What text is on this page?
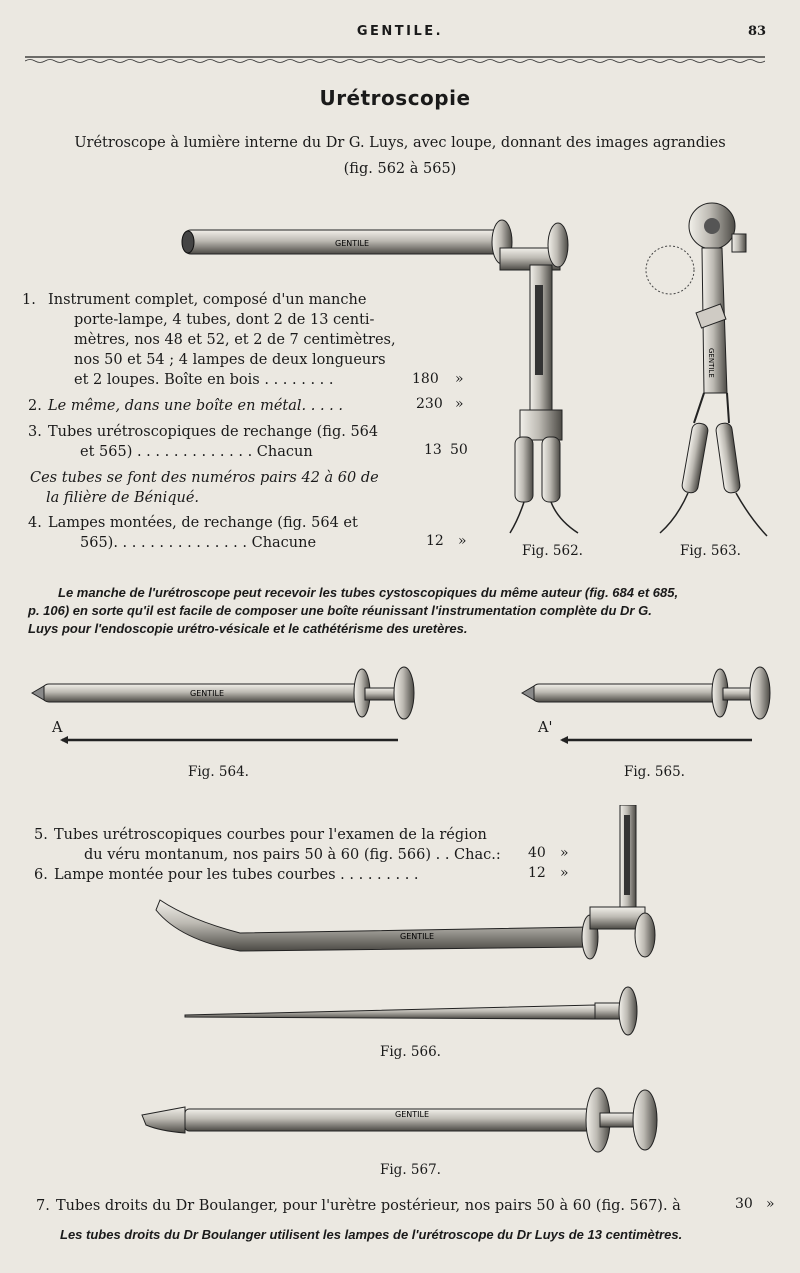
GENTILE.	83
Urétroscopie
Urétroscope à lumière interne du Dr G. Luys, avec loupe, donnant des images agrandies
(fig. 562 à 565)
GENTILE
Fig. 562.
GENTILE
Fig. 563.
1. Instrument complet, composé d'un manche
porte-lampe, 4 tubes, dont 2 de 13 centi-
mètres, nos 48 et 52, et 2 de 7 centimètres,
nos 50 et 54 ; 4 lampes de deux longueurs
et 2 loupes. Boîte en bois . . . . . . . .	180 »
2. Le même, dans une boîte en métal. . . . .	230 »
3. Tubes urétroscopiques de rechange (fig. 564
et 565) . . . . . . . . . . . . . Chacun	13 50
Ces tubes se font des numéros pairs 42 à 60 de
la filière de Béniqué.
4. Lampes montées, de rechange (fig. 564 et
565). . . . . . . . . . . . . . . Chacune	12 »
Le manche de l'urétroscope peut recevoir les tubes cystoscopiques du même auteur (fig. 684 et 685,
p. 106) en sorte qu'il est facile de composer une boîte réunissant l'instrumentation complète du Dr G.
Luys pour l'endoscopie urétro-vésicale et le cathétérisme des uretères.
GENTILE
A
Fig. 564.
A'
Fig. 565.
5. Tubes urétroscopiques courbes pour l'examen de la région
du véru montanum, nos pairs 50 à 60 (fig. 566) . . Chac.:	40 »
6. Lampe montée pour les tubes courbes . . . . . . . . .	12 »
GENTILE
Fig. 566.
GENTILE
Fig. 567.
7. Tubes droits du Dr Boulanger, pour l'urètre postérieur, nos pairs 50 à 60 (fig. 567). à	30 »
Les tubes droits du Dr Boulanger utilisent les lampes de l'urétroscope du Dr Luys de 13 centimètres.
